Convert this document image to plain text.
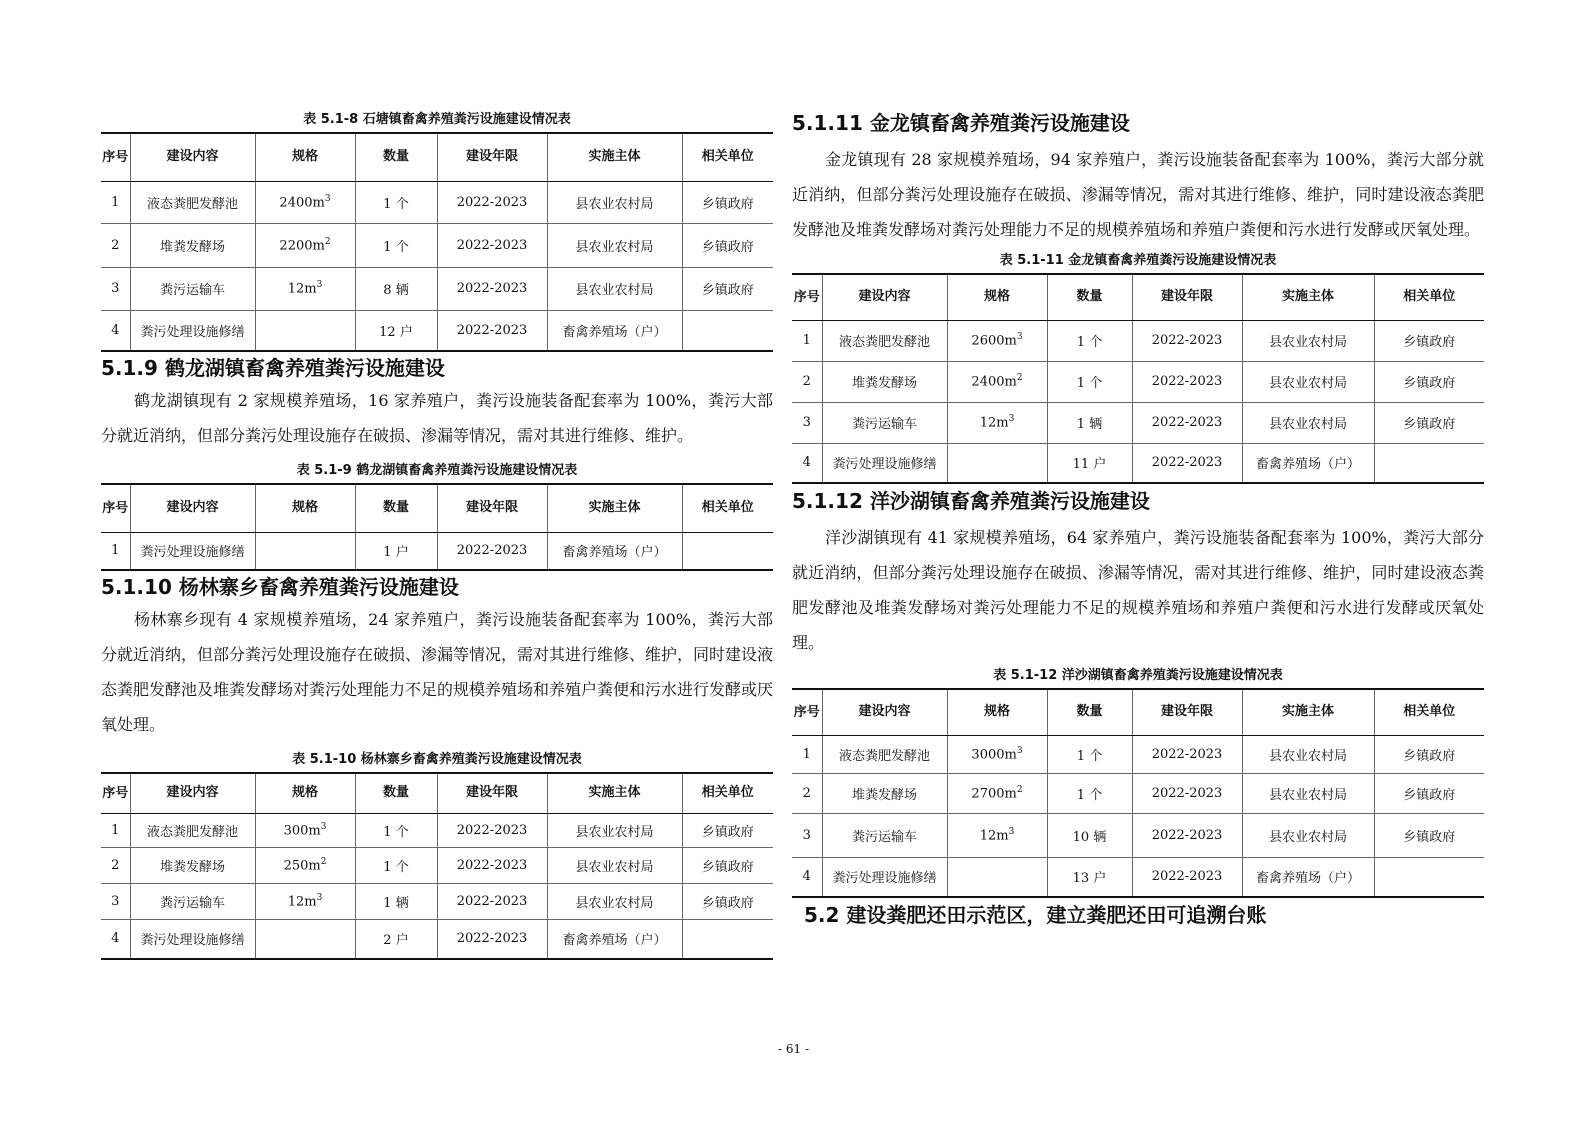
表 5.1-8 石塘镇畜禽养殖粪污设施建设情况表
序号	建设内容	规格	数量	建设年限	实施主体	相关单位
1	液态粪肥发酵池	$2400m^3$	1 个	2022-2023	县农业农村局	乡镇政府
2	堆粪发酵场	$2200m^2$	1 个	2022-2023	县农业农村局	乡镇政府
3	粪污运输车	$12m^3$	8 辆	2022-2023	县农业农村局	乡镇政府
4	粪污处理设施修缮		12 户	2022-2023	畜禽养殖场（户）	
5.1.9 鹤龙湖镇畜禽养殖粪污设施建设

鹤龙湖镇现有 2 家规模养殖场，16 家养殖户，粪污设施装备配套率为 100%，粪污大部分就近消纳，但部分粪污处理设施存在破损、渗漏等情况，需对其进行维修、维护。

表 5.1-9 鹤龙湖镇畜禽养殖粪污设施建设情况表
序号	建设内容	规格	数量	建设年限	实施主体	相关单位
1	粪污处理设施修缮		1 户	2022-2023	畜禽养殖场（户）	
5.1.10 杨林寨乡畜禽养殖粪污设施建设

杨林寨乡现有 4 家规模养殖场，24 家养殖户，粪污设施装备配套率为 100%，粪污大部分就近消纳，但部分粪污处理设施存在破损、渗漏等情况，需对其进行维修、维护，同时建设液态粪肥发酵池及堆粪发酵场对粪污处理能力不足的规模养殖场和养殖户粪便和污水进行发酵或厌氧处理。

表 5.1-10 杨林寨乡畜禽养殖粪污设施建设情况表
序号	建设内容	规格	数量	建设年限	实施主体	相关单位
1	液态粪肥发酵池	$300m^3$	1 个	2022-2023	县农业农村局	乡镇政府
2	堆粪发酵场	$250m^2$	1 个	2022-2023	县农业农村局	乡镇政府
3	粪污运输车	$12m^3$	1 辆	2022-2023	县农业农村局	乡镇政府
4	粪污处理设施修缮		2 户	2022-2023	畜禽养殖场（户）	
5.1.11 金龙镇畜禽养殖粪污设施建设

金龙镇现有 28 家规模养殖场，94 家养殖户，粪污设施装备配套率为 100%，粪污大部分就近消纳，但部分粪污处理设施存在破损、渗漏等情况，需对其进行维修、维护，同时建设液态粪肥发酵池及堆粪发酵场对粪污处理能力不足的规模养殖场和养殖户粪便和污水进行发酵或厌氧处理。

表 5.1-11 金龙镇畜禽养殖粪污设施建设情况表
序号	建设内容	规格	数量	建设年限	实施主体	相关单位
1	液态粪肥发酵池	$2600m^3$	1 个	2022-2023	县农业农村局	乡镇政府
2	堆粪发酵场	$2400m^2$	1 个	2022-2023	县农业农村局	乡镇政府
3	粪污运输车	$12m^3$	1 辆	2022-2023	县农业农村局	乡镇政府
4	粪污处理设施修缮		11 户	2022-2023	畜禽养殖场（户）	
5.1.12 洋沙湖镇畜禽养殖粪污设施建设

洋沙湖镇现有 41 家规模养殖场，64 家养殖户，粪污设施装备配套率为 100%，粪污大部分就近消纳，但部分粪污处理设施存在破损、渗漏等情况，需对其进行维修、维护，同时建设液态粪肥发酵池及堆粪发酵场对粪污处理能力不足的规模养殖场和养殖户粪便和污水进行发酵或厌氧处理。

表 5.1-12 洋沙湖镇畜禽养殖粪污设施建设情况表
序号	建设内容	规格	数量	建设年限	实施主体	相关单位
1	液态粪肥发酵池	$3000m^3$	1 个	2022-2023	县农业农村局	乡镇政府
2	堆粪发酵场	$2700m^2$	1 个	2022-2023	县农业农村局	乡镇政府
3	粪污运输车	$12m^3$	10 辆	2022-2023	县农业农村局	乡镇政府
4	粪污处理设施修缮		13 户	2022-2023	畜禽养殖场（户）	
5.2 建设粪肥还田示范区，建立粪肥还田可追溯台账
- 61 -
